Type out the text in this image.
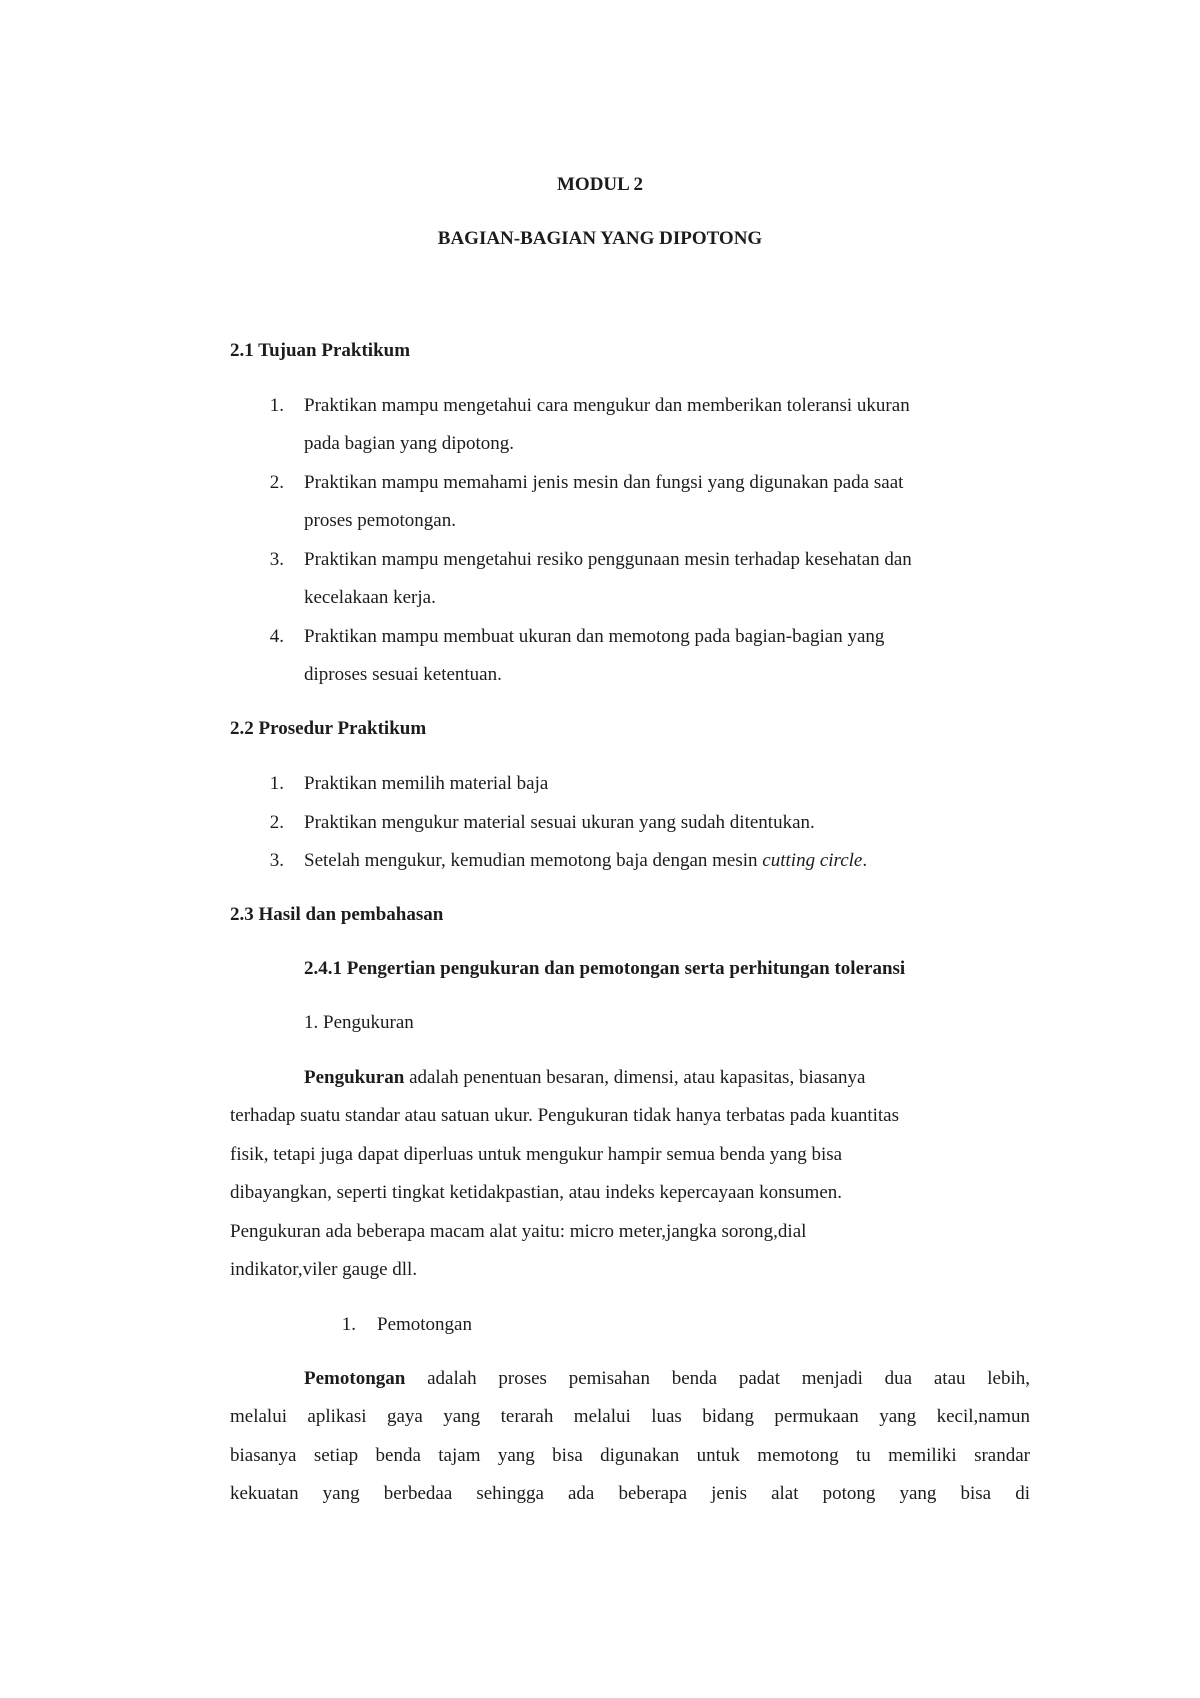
MODUL 2
BAGIAN-BAGIAN YANG DIPOTONG
2.1 Tujuan Praktikum
1. Praktikan mampu mengetahui cara mengukur dan memberikan toleransi ukuran
pada bagian yang dipotong.
2. Praktikan mampu memahami jenis mesin dan fungsi yang digunakan pada saat
proses pemotongan.
3. Praktikan mampu mengetahui resiko penggunaan mesin terhadap kesehatan dan
kecelakaan kerja.
4. Praktikan mampu membuat ukuran dan memotong pada bagian-bagian yang
diproses sesuai ketentuan.
2.2 Prosedur Praktikum
1. Praktikan memilih material baja
2. Praktikan mengukur material sesuai ukuran yang sudah ditentukan.
3. Setelah mengukur, kemudian memotong baja dengan mesin cutting circle.
2.3 Hasil dan pembahasan
2.4.1 Pengertian pengukuran dan pemotongan serta perhitungan toleransi
1. Pengukuran
Pengukuran adalah penentuan besaran, dimensi, atau kapasitas, biasanya
terhadap suatu standar atau satuan ukur. Pengukuran tidak hanya terbatas pada kuantitas
fisik, tetapi juga dapat diperluas untuk mengukur hampir semua benda yang bisa
dibayangkan, seperti tingkat ketidakpastian, atau indeks kepercayaan konsumen.
Pengukuran ada beberapa macam alat yaitu: micro meter,jangka sorong,dial
indikator,viler gauge dll.
1. Pemotongan
Pemotongan adalah proses pemisahan benda padat menjadi dua atau lebih,
melalui aplikasi gaya yang terarah melalui luas bidang permukaan yang kecil,namun
biasanya setiap benda tajam yang bisa digunakan untuk memotong tu memiliki srandar
kekuatan yang berbedaa sehingga ada beberapa jenis alat potong yang bisa di
